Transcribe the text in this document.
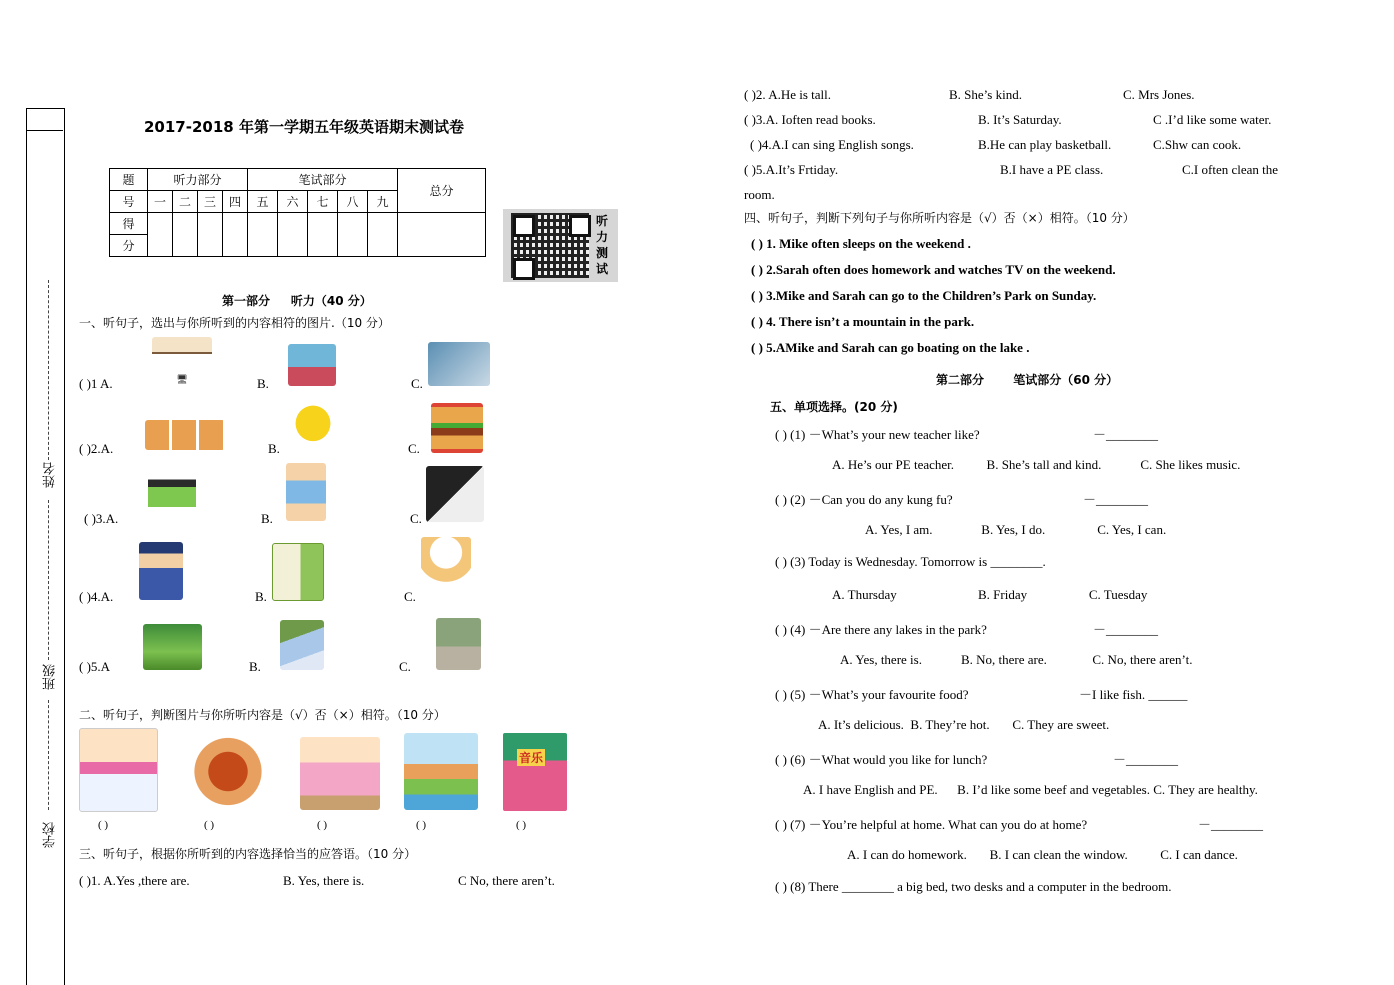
姓名
班级
学校
2017-2018 年第一学期五年级英语期末测试卷
题	听力部分				笔试部分					总分
号	一	二	三	四	五	六	七	八	九	
得										
分										
听力测试
第一部分 听力（40 分）
一、听句子，选出与你所听到的内容相符的图片.（10 分）
( )1 A.	🖥	B.	C.
( )2.A.	B.	C.
( )3.A.	B.	C.
( )4.A.	B.	C.
( )5.A	B.	C.
二、听句子，判断图片与你所听内容是（√）否（×）相符。（10 分）
音乐
( )	( )	( )	( )	( )
三、听句子，根据你所听到的内容选择恰当的应答语。（10 分）
( )1. A.Yes ,there are.	B. Yes, there is.	C No, there aren’t.
( )2. A.He is tall.	B. She’s kind.	C. Mrs Jones.
( )3.A. Ioften read books.	B. It’s Saturday.	C .I’d like some water.
( )4.A.I can sing English songs.	B.He can play basketball.	C.Shw can cook.
( )5.A.It’s Frtiday.	B.I have a PE class.	C.I often clean the
room.
四、听句子，判断下列句子与你所听内容是（√）否（×）相符。（10 分）
( ) 1. Mike often sleeps on the weekend .
( ) 2.Sarah often does homework and watches TV on the weekend.
( ) 3.Mike and Sarah can go to the Children’s Park on Sunday.
( ) 4. There isn’t a mountain in the park.
( ) 5.AMike and Sarah can go boating on the lake .
第二部分 笔试部分（60 分）
五、单项选择。(20 分)
( ) (1) －What’s your new teacher like?	－________
A. He’s our PE teacher.          B. She’s tall and kind.            C. She likes music.
( ) (2) －Can you do any kung fu?	－________
A. Yes, I am.               B. Yes, I do.                C. Yes, I can.
( ) (3) Today is Wednesday. Tomorrow is ________.
A. Thursday                         B. Friday                   C. Tuesday
( ) (4) －Are there any lakes in the park?	－________
A. Yes, there is.            B. No, there are.              C. No, there aren’t.
( ) (5) －What’s your favourite food?	－I like fish. ______
A. It’s delicious.  B. They’re hot.       C. They are sweet.
( ) (6) －What would you like for lunch?	－________
A. I have English and PE.      B. I’d like some beef and vegetables. C. They are healthy.
( ) (7) －You’re helpful at home. What can you do at home?	－________
A. I can do homework.       B. I can clean the window.          C. I can dance.
( ) (8) There ________ a big bed, two desks and a computer in the bedroom.
